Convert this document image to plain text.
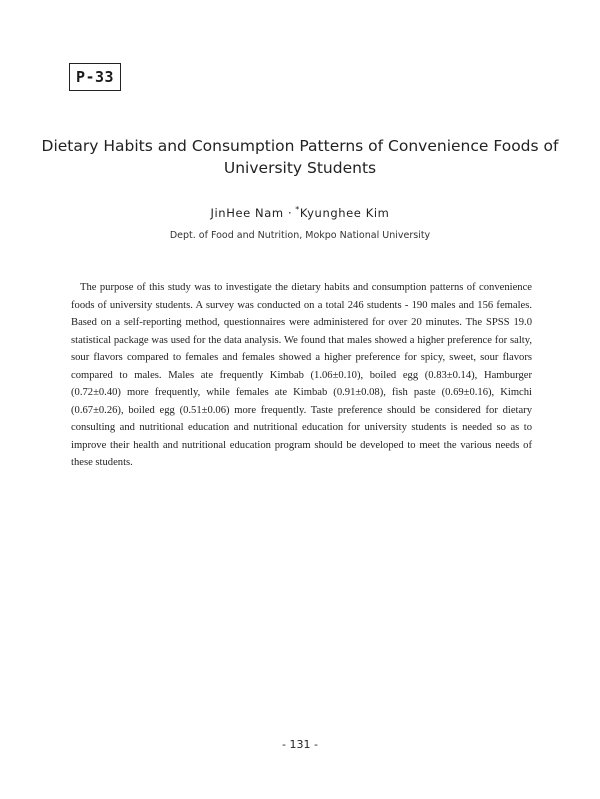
P-33
Dietary Habits and Consumption Patterns of Convenience Foods of University Students
JinHee Nam · *Kyunghee Kim
Dept. of Food and Nutrition, Mokpo National University

The purpose of this study was to investigate the dietary habits and consumption patterns of convenience foods of university students. A survey was conducted on a total 246 students - 190 males and 156 females. Based on a self-reporting method, questionnaires were administered for over 20 minutes. The SPSS 19.0 statistical package was used for the data analysis. We found that males showed a higher preference for salty, sour flavors compared to females and females showed a higher preference for spicy, sweet, sour flavors compared to males. Males ate frequently Kimbab (1.06±0.10), boiled egg (0.83±0.14), Hamburger (0.72±0.40) more frequently, while females ate Kimbab (0.91±0.08), fish paste (0.69±0.16), Kimchi (0.67±0.26), boiled egg (0.51±0.06) more frequently. Taste preference should be considered for dietary consulting and nutritional education and nutritional education for university students is needed so as to improve their health and nutritional education program should be developed to meet the various needs of these students.

- 131 -
